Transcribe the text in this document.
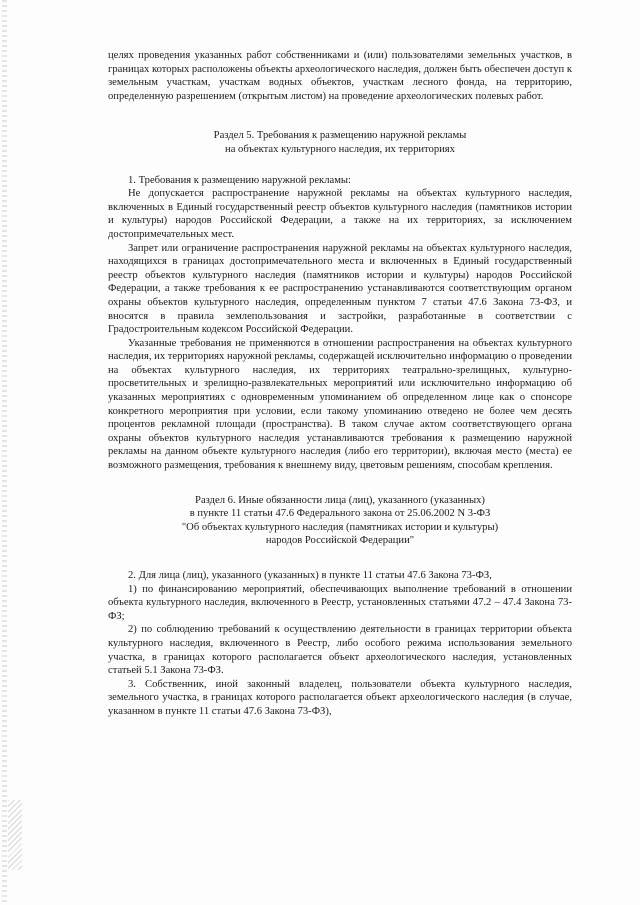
целях проведения указанных работ собственниками и (или) пользователями земельных участков, в границах которых расположены объекты археологического наследия, должен быть обеспечен доступ к земельным участкам, участкам водных объектов, участкам лесного фонда, на территорию, определенную разрешением (открытым листом) на проведение археологических полевых работ.

Раздел 5. Требования к размещению наружной рекламы

на объектах культурного наследия, их территориях

1. Требования к размещению наружной рекламы:

Не допускается распространение наружной рекламы на объектах культурного наследия, включенных в Единый государственный реестр объектов культурного наследия (памятников истории и культуры) народов Российской Федерации, а также на их территориях, за исключением достопримечательных мест.

Запрет или ограничение распространения наружной рекламы на объектах культурного наследия, находящихся в границах достопримечательного места и включенных в Единый государственный реестр объектов культурного наследия (памятников истории и культуры) народов Российской Федерации, а также требования к ее распространению устанавливаются соответствующим органом охраны объектов культурного наследия, определенным пунктом 7 статьи 47.6 Закона 73-ФЗ, и вносятся в правила землепользования и застройки, разработанные в соответствии с Градостроительным кодексом Российской Федерации.

Указанные требования не применяются в отношении распространения на объектах культурного наследия, их территориях наружной рекламы, содержащей исключительно информацию о проведении на объектах культурного наследия, их территориях театрально-зрелищных, культурно-просветительных и зрелищно-развлекательных мероприятий или исключительно информацию об указанных мероприятиях с одновременным упоминанием об определенном лице как о спонсоре конкретного мероприятия при условии, если такому упоминанию отведено не более чем десять процентов рекламной площади (пространства). В таком случае актом соответствующего органа охраны объектов культурного наследия устанавливаются требования к размещению наружной рекламы на данном объекте культурного наследия (либо его территории), включая место (места) ее возможного размещения, требования к внешнему виду, цветовым решениям, способам крепления.

Раздел 6. Иные обязанности лица (лиц), указанного (указанных)

в пункте 11 статьи 47.6 Федерального закона от 25.06.2002 N 3-ФЗ

"Об объектах культурного наследия (памятниках истории и культуры)

народов Российской Федерации"

2. Для лица (лиц), указанного (указанных) в пункте 11 статьи 47.6 Закона 73-ФЗ,

1) по финансированию мероприятий, обеспечивающих выполнение требований в отношении объекта культурного наследия, включенного в Реестр, установленных статьями 47.2 – 47.4 Закона 73-ФЗ;

2) по соблюдению требований к осуществлению деятельности в границах территории объекта культурного наследия, включенного в Реестр, либо особого режима использования земельного участка, в границах которого располагается объект археологического наследия, установленных статьей 5.1 Закона 73-ФЗ.

3. Собственник, иной законный владелец, пользователи объекта культурного наследия, земельного участка, в границах которого располагается объект археологического наследия (в случае, указанном в пункте 11 статьи 47.6 Закона 73-ФЗ),
